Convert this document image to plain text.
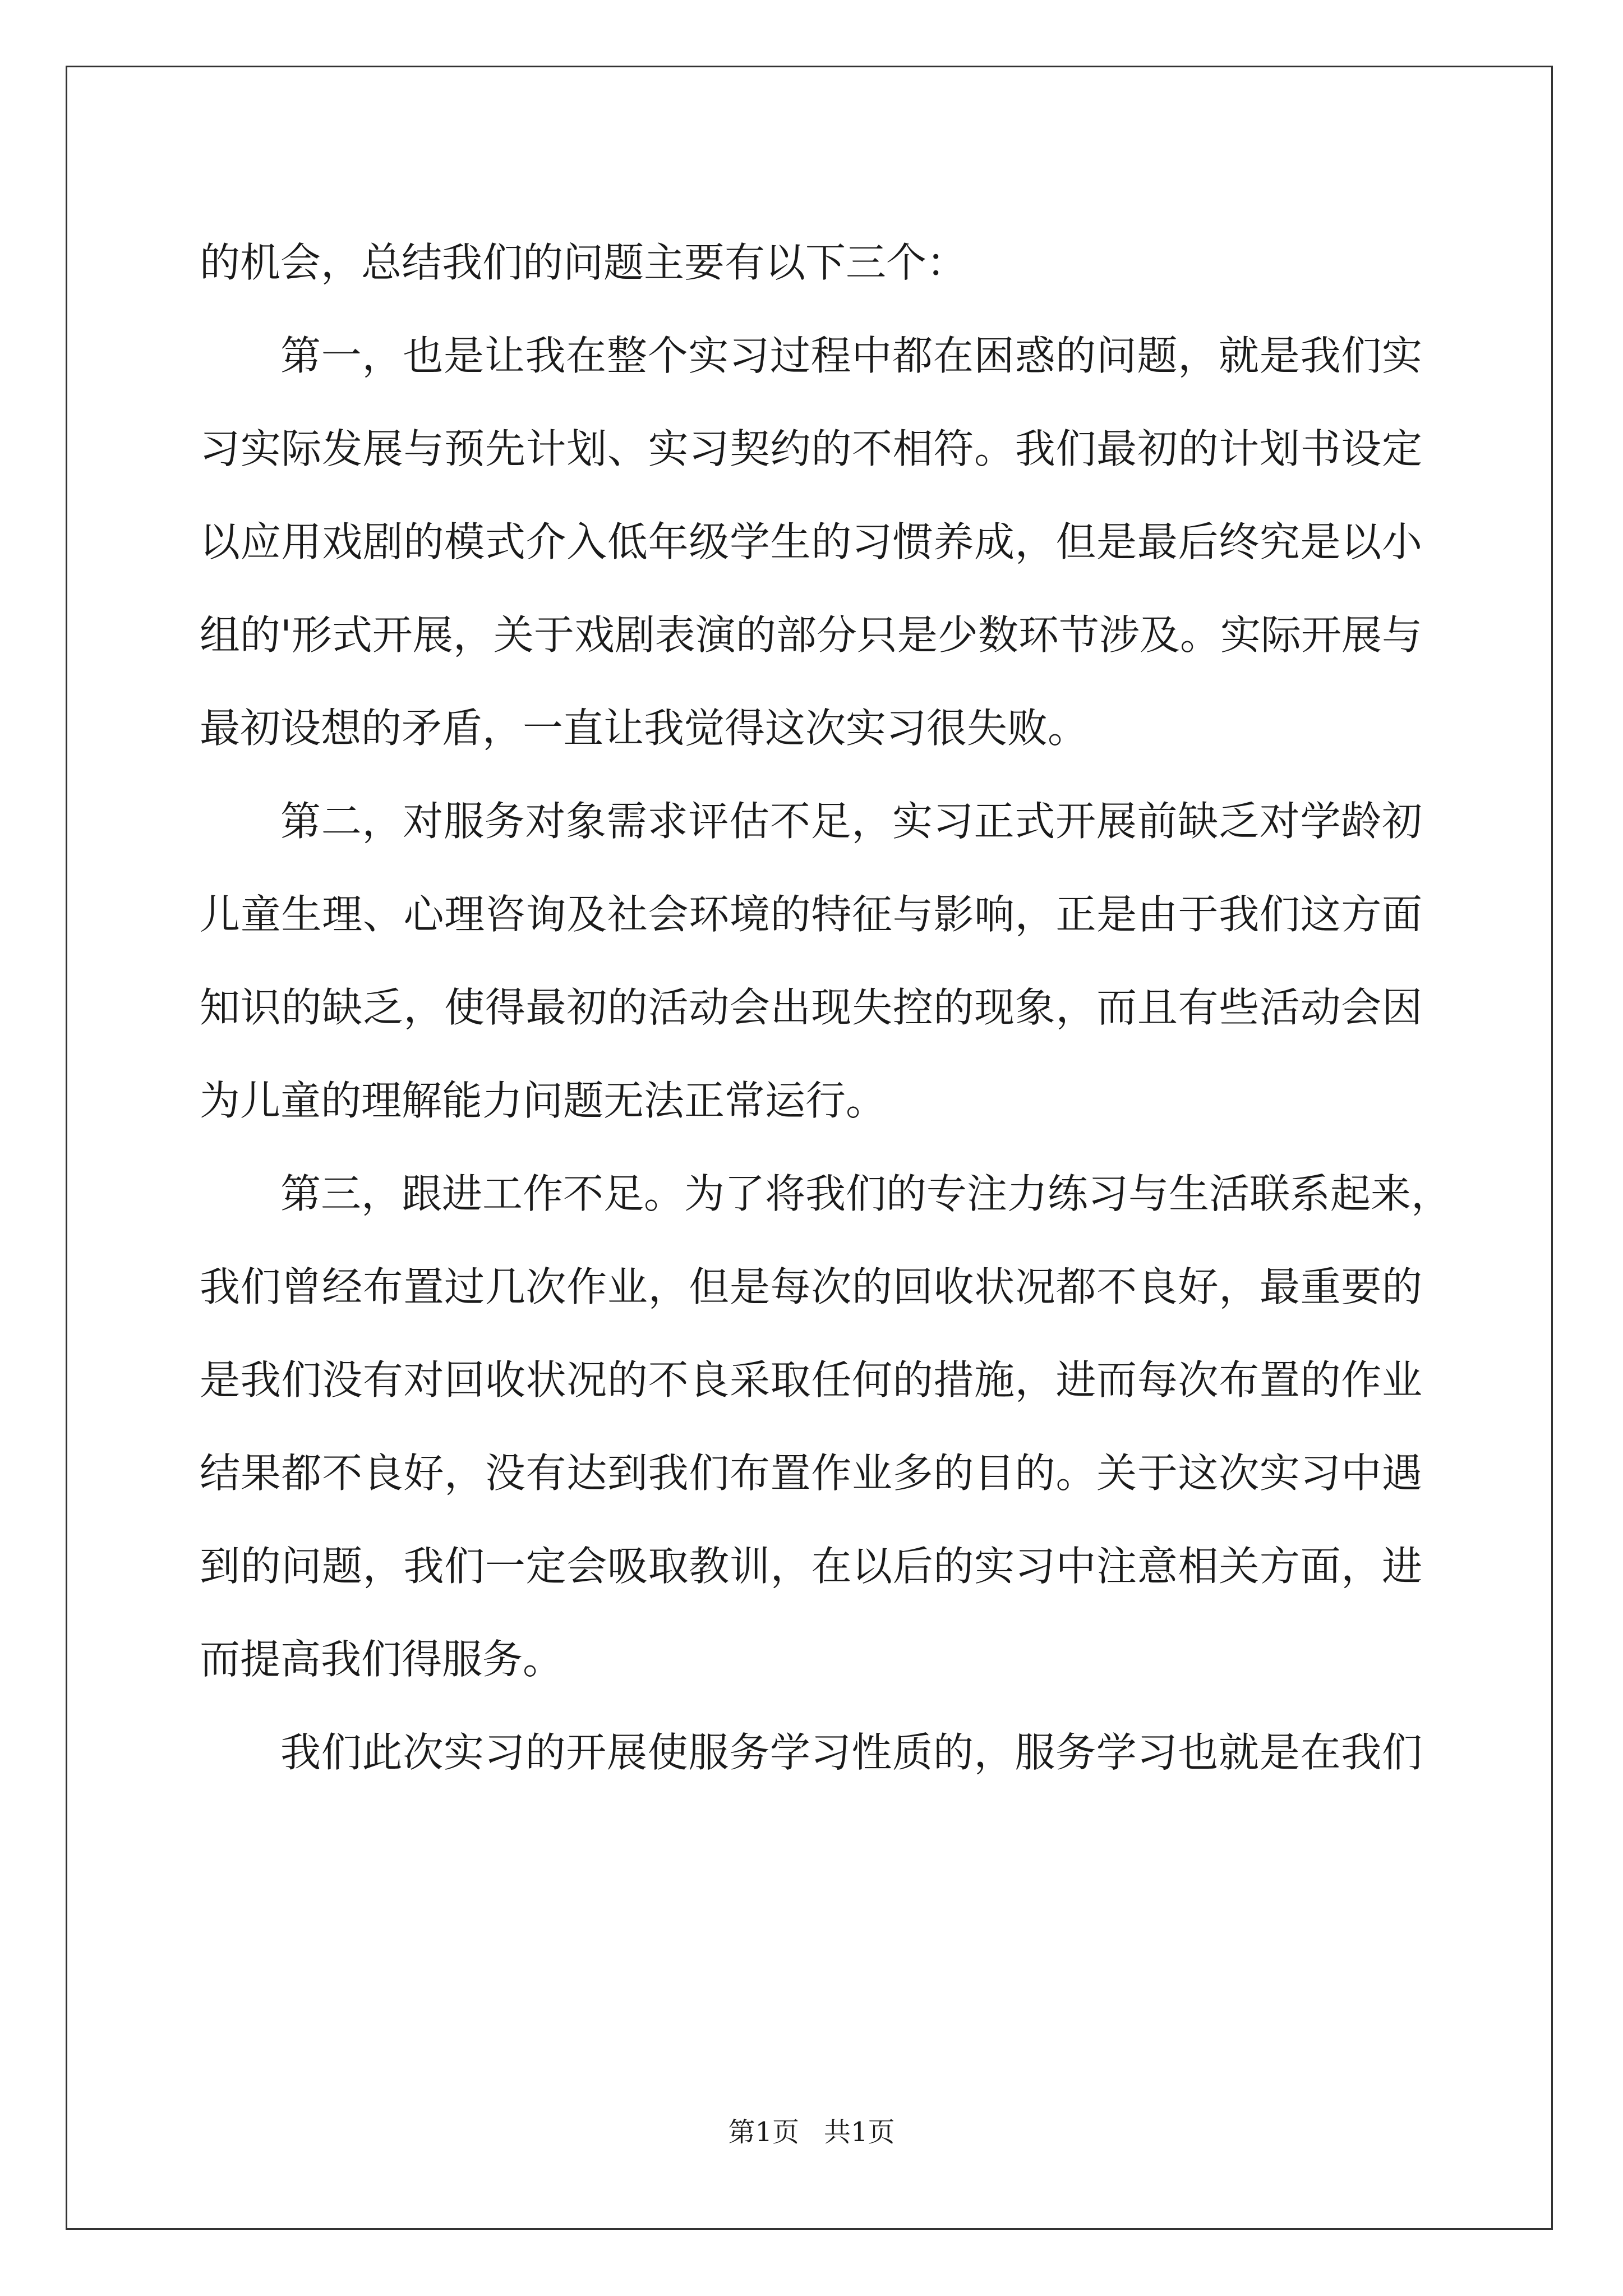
的机会，总结我们的问题主要有以下三个：
第一，也是让我在整个实习过程中都在困惑的问题，就是我们实
习实际发展与预先计划、实习契约的不相符。我们最初的计划书设定
以应用戏剧的模式介入低年级学生的习惯养成，但是最后终究是以小
组的'形式开展，关于戏剧表演的部分只是少数环节涉及。实际开展与
最初设想的矛盾，一直让我觉得这次实习很失败。
第二，对服务对象需求评估不足，实习正式开展前缺乏对学龄初
儿童生理、心理咨询及社会环境的特征与影响，正是由于我们这方面
知识的缺乏，使得最初的活动会出现失控的现象，而且有些活动会因
为儿童的理解能力问题无法正常运行。
第三，跟进工作不足。为了将我们的专注力练习与生活联系起来，
我们曾经布置过几次作业，但是每次的回收状况都不良好，最重要的
是我们没有对回收状况的不良采取任何的措施，进而每次布置的作业
结果都不良好，没有达到我们布置作业多的目的。关于这次实习中遇
到的问题，我们一定会吸取教训，在以后的实习中注意相关方面，进
而提高我们得服务。
我们此次实习的开展使服务学习性质的，服务学习也就是在我们
第1页 共1页
